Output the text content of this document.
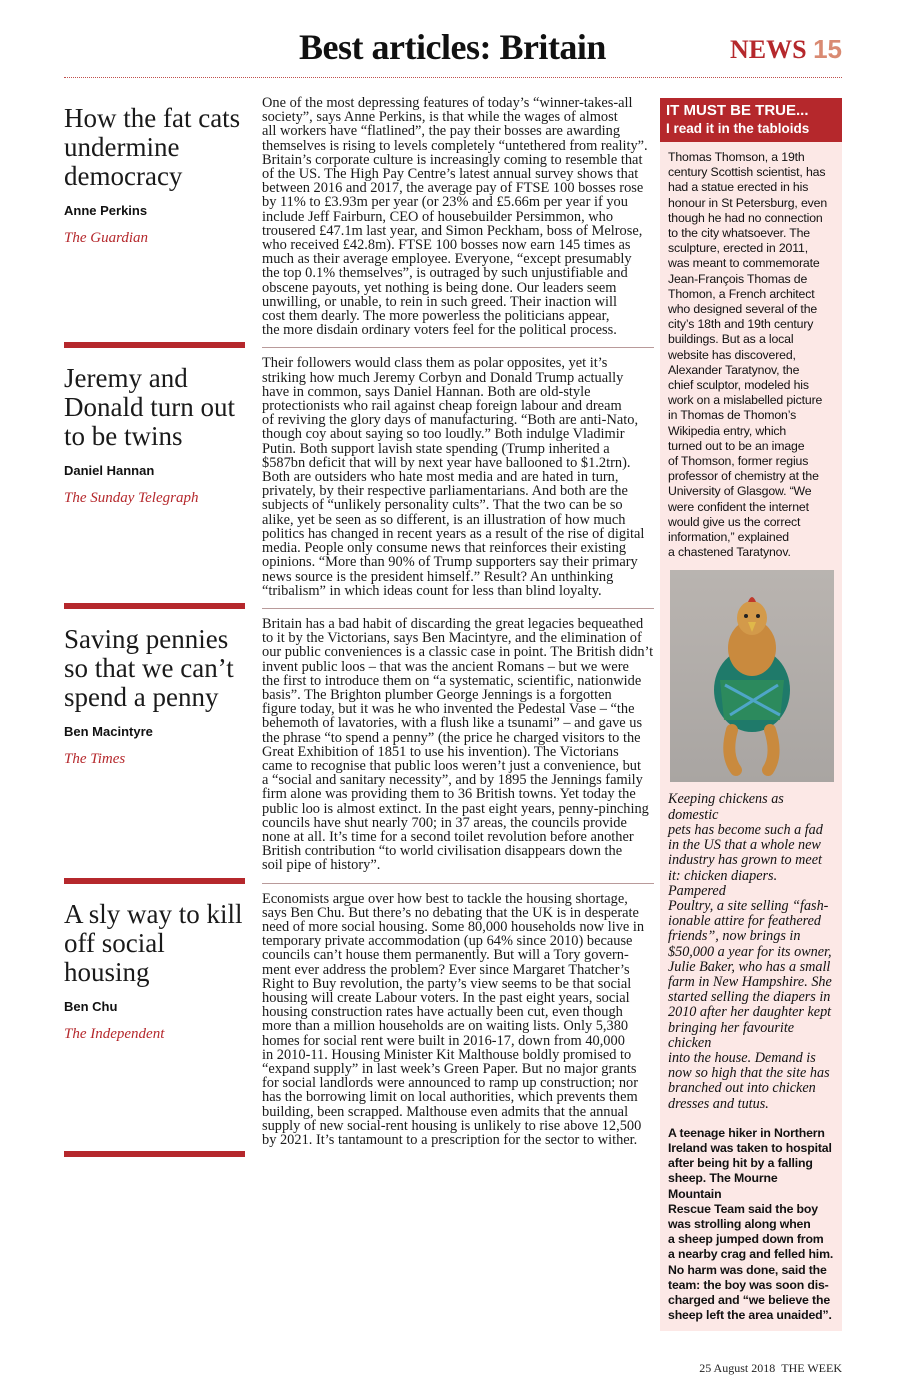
Best articles: Britain	NEWS 15
How the fat cats undermine democracy
Anne Perkins
The Guardian

One of the most depressing features of today’s “winner-takes-all
society”, says Anne Perkins, is that while the wages of almost
all workers have “flatlined”, the pay their bosses are awarding
themselves is rising to levels completely “untethered from reality”.
Britain’s corporate culture is increasingly coming to resemble that
of the US. The High Pay Centre’s latest annual survey shows that
between 2016 and 2017, the average pay of FTSE 100 bosses rose
by 11% to £3.93m per year (or 23% and £5.66m per year if you
include Jeff Fairburn, CEO of housebuilder Persimmon, who
trousered £47.1m last year, and Simon Peckham, boss of Melrose,
who received £42.8m). FTSE 100 bosses now earn 145 times as
much as their average employee. Everyone, “except presumably
the top 0.1% themselves”, is outraged by such unjustifiable and
obscene payouts, yet nothing is being done. Our leaders seem
unwilling, or unable, to rein in such greed. Their inaction will
cost them dearly. The more powerless the politicians appear,
the more disdain ordinary voters feel for the political process.

Jeremy and Donald turn out to be twins
Daniel Hannan
The Sunday Telegraph

Their followers would class them as polar opposites, yet it’s
striking how much Jeremy Corbyn and Donald Trump actually
have in common, says Daniel Hannan. Both are old-style
protectionists who rail against cheap foreign labour and dream
of reviving the glory days of manufacturing. “Both are anti-Nato,
though coy about saying so too loudly.” Both indulge Vladimir
Putin. Both support lavish state spending (Trump inherited a
$587bn deficit that will by next year have ballooned to $1.2trn).
Both are outsiders who hate most media and are hated in turn,
privately, by their respective parliamentarians. And both are the
subjects of “unlikely personality cults”. That the two can be so
alike, yet be seen as so different, is an illustration of how much
politics has changed in recent years as a result of the rise of digital
media. People only consume news that reinforces their existing
opinions. “More than 90% of Trump supporters say their primary
news source is the president himself.” Result? An unthinking
“tribalism” in which ideas count for less than blind loyalty.

Saving pennies so that we can’t spend a penny
Ben Macintyre
The Times

Britain has a bad habit of discarding the great legacies bequeathed
to it by the Victorians, says Ben Macintyre, and the elimination of
our public conveniences is a classic case in point. The British didn’t
invent public loos – that was the ancient Romans – but we were
the first to introduce them on “a systematic, scientific, nationwide
basis”. The Brighton plumber George Jennings is a forgotten
figure today, but it was he who invented the Pedestal Vase – “the
behemoth of lavatories, with a flush like a tsunami” – and gave us
the phrase “to spend a penny” (the price he charged visitors to the
Great Exhibition of 1851 to use his invention). The Victorians
came to recognise that public loos weren’t just a convenience, but
a “social and sanitary necessity”, and by 1895 the Jennings family
firm alone was providing them to 36 British towns. Yet today the
public loo is almost extinct. In the past eight years, penny-pinching
councils have shut nearly 700; in 37 areas, the councils provide
none at all. It’s time for a second toilet revolution before another
British contribution “to world civilisation disappears down the
soil pipe of history”.

A sly way to kill off social housing
Ben Chu
The Independent

Economists argue over how best to tackle the housing shortage,
says Ben Chu. But there’s no debating that the UK is in desperate
need of more social housing. Some 80,000 households now live in
temporary private accommodation (up 64% since 2010) because
councils can’t house them permanently. But will a Tory govern-
ment ever address the problem? Ever since Margaret Thatcher’s
Right to Buy revolution, the party’s view seems to be that social
housing will create Labour voters. In the past eight years, social
housing construction rates have actually been cut, even though
more than a million households are on waiting lists. Only 5,380
homes for social rent were built in 2016-17, down from 40,000
in 2010-11. Housing Minister Kit Malthouse boldly promised to
“expand supply” in last week’s Green Paper. But no major grants
for social landlords were announced to ramp up construction; nor
has the borrowing limit on local authorities, which prevents them
building, been scrapped. Malthouse even admits that the annual
supply of new social-rent housing is unlikely to rise above 12,500
by 2021. It’s tantamount to a prescription for the sector to wither.

IT MUST BE TRUE...
I read it in the tabloids

Thomas Thomson, a 19th
century Scottish scientist, has
had a statue erected in his
honour in St Petersburg, even
though he had no connection
to the city whatsoever. The
sculpture, erected in 2011,
was meant to commemorate
Jean-François Thomas de
Thomon, a French architect
who designed several of the
city’s 18th and 19th century
buildings. But as a local
website has discovered,
Alexander Taratynov, the
chief sculptor, modeled his
work on a mislabelled picture
in Thomas de Thomon’s
Wikipedia entry, which
turned out to be an image
of Thomson, former regius
professor of chemistry at the
University of Glasgow. “We
were confident the internet
would give us the correct
information,” explained
a chastened Taratynov.

Keeping chickens as domestic
pets has become such a fad
in the US that a whole new
industry has grown to meet
it: chicken diapers. Pampered
Poultry, a site selling “fash-
ionable attire for feathered
friends”, now brings in
$50,000 a year for its owner,
Julie Baker, who has a small
farm in New Hampshire. She
started selling the diapers in
2010 after her daughter kept
bringing her favourite chicken
into the house. Demand is
now so high that the site has
branched out into chicken
dresses and tutus.

A teenage hiker in Northern
Ireland was taken to hospital
after being hit by a falling
sheep. The Mourne Mountain
Rescue Team said the boy
was strolling along when
a sheep jumped down from
a nearby crag and felled him.
No harm was done, said the
team: the boy was soon dis-
charged and “we believe the
sheep left the area unaided”.

25 August 2018 THE WEEK
